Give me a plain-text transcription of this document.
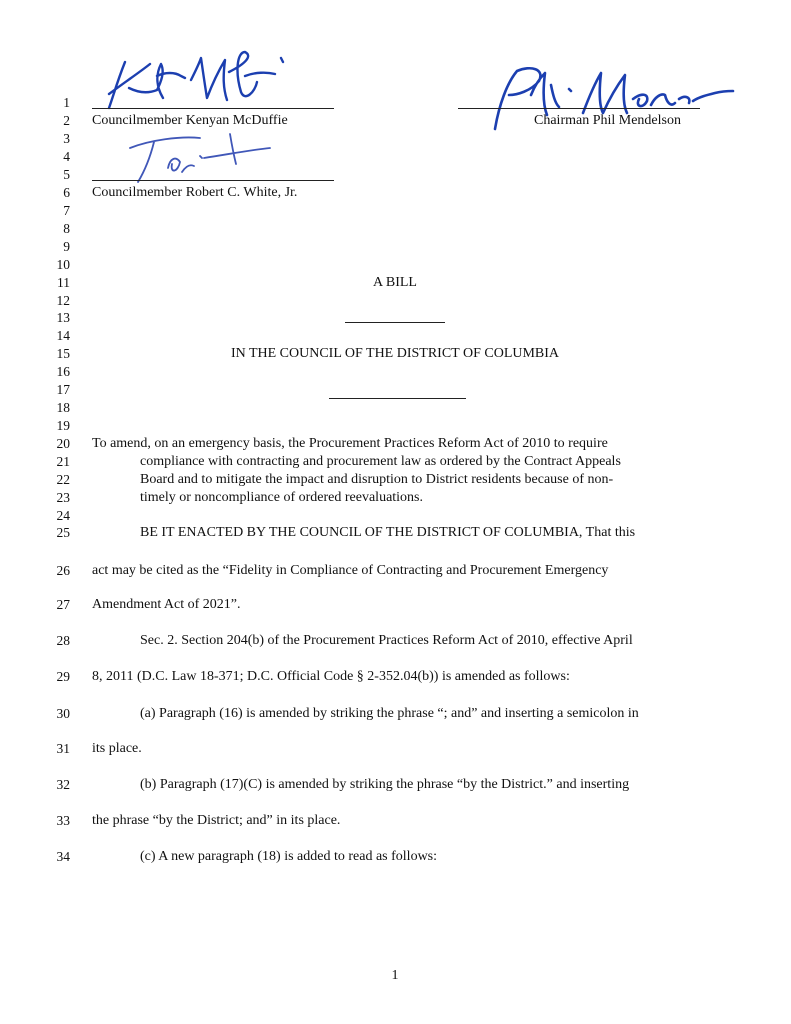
Councilmember Kenyan McDuffie	Chairman Phil Mendelson
Councilmember Robert C. White, Jr.
1
2
3
4
5
6
7
8
9
10
11
12
13
14
15
16
17
18
19
20
21
22
23
24
25
26
27
28
29
30
31
32
33
34
A BILL
IN THE COUNCIL OF THE DISTRICT OF COLUMBIA
To amend, on an emergency basis, the Procurement Practices Reform Act of 2010 to require
compliance with contracting and procurement law as ordered by the Contract Appeals
Board and to mitigate the impact and disruption to District residents because of non-
timely or noncompliance of ordered reevaluations.
BE IT ENACTED BY THE COUNCIL OF THE DISTRICT OF COLUMBIA, That this
act may be cited as the “Fidelity in Compliance of Contracting and Procurement Emergency
Amendment Act of 2021”.
Sec. 2. Section 204(b) of the Procurement Practices Reform Act of 2010, effective April
8, 2011 (D.C. Law 18-371; D.C. Official Code § 2-352.04(b)) is amended as follows:
(a) Paragraph (16) is amended by striking the phrase “; and” and inserting a semicolon in
its place.
(b) Paragraph (17)(C) is amended by striking the phrase “by the District.” and inserting
the phrase “by the District; and” in its place.
(c) A new paragraph (18) is added to read as follows:
1
